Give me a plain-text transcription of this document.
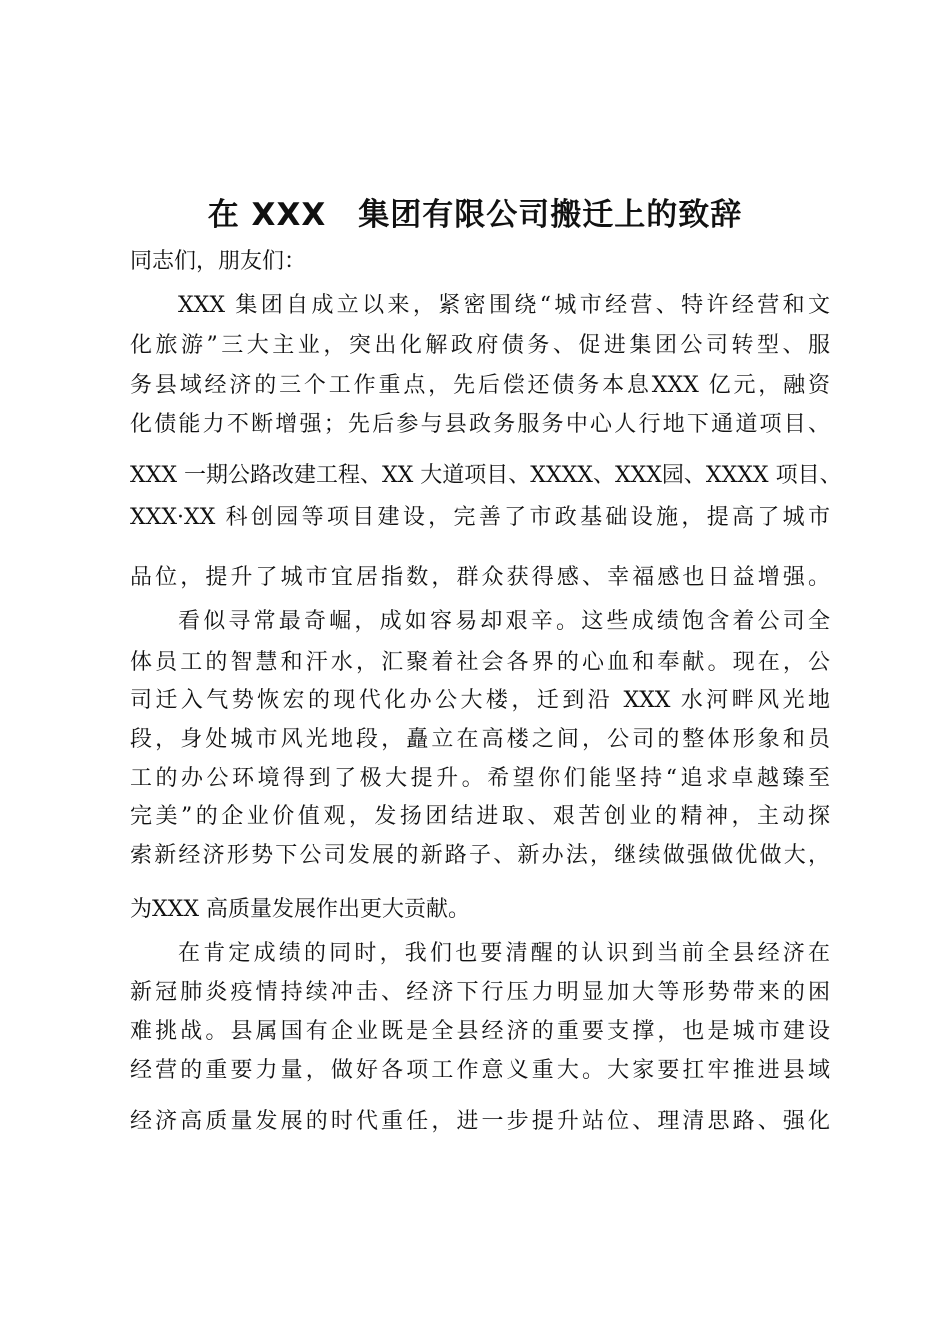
在 XXX　集团有限公司搬迁上的致辞
同志们，朋友们：
XXX 集团自成立以来，紧密围绕“城市经营、特许经营和文
化旅游”三大主业，突出化解政府债务、促进集团公司转型、服
务县域经济的三个工作重点，先后偿还债务本息XXX 亿元，融资
化债能力不断增强；先后参与县政务服务中心人行地下通道项目、
XXX 一期公路改建工程、XX 大道项目、XXXX、XXX园、XXXX 项目、
XXX·XX 科创园等项目建设，完善了市政基础设施，提高了城市
品位，提升了城市宜居指数，群众获得感、幸福感也日益增强。
看似寻常最奇崛，成如容易却艰辛。这些成绩饱含着公司全
体员工的智慧和汗水，汇聚着社会各界的心血和奉献。现在，公
司迁入气势恢宏的现代化办公大楼，迁到沿 XXX 水河畔风光地
段，身处城市风光地段，矗立在高楼之间，公司的整体形象和员
工的办公环境得到了极大提升。希望你们能坚持“追求卓越臻至
完美”的企业价值观，发扬团结进取、艰苦创业的精神，主动探
索新经济形势下公司发展的新路子、新办法，继续做强做优做大，
为XXX 高质量发展作出更大贡献。
在肯定成绩的同时，我们也要清醒的认识到当前全县经济在
新冠肺炎疫情持续冲击、经济下行压力明显加大等形势带来的困
难挑战。县属国有企业既是全县经济的重要支撑，也是城市建设
经营的重要力量，做好各项工作意义重大。大家要扛牢推进县域
经济高质量发展的时代重任，进一步提升站位、理清思路、强化
